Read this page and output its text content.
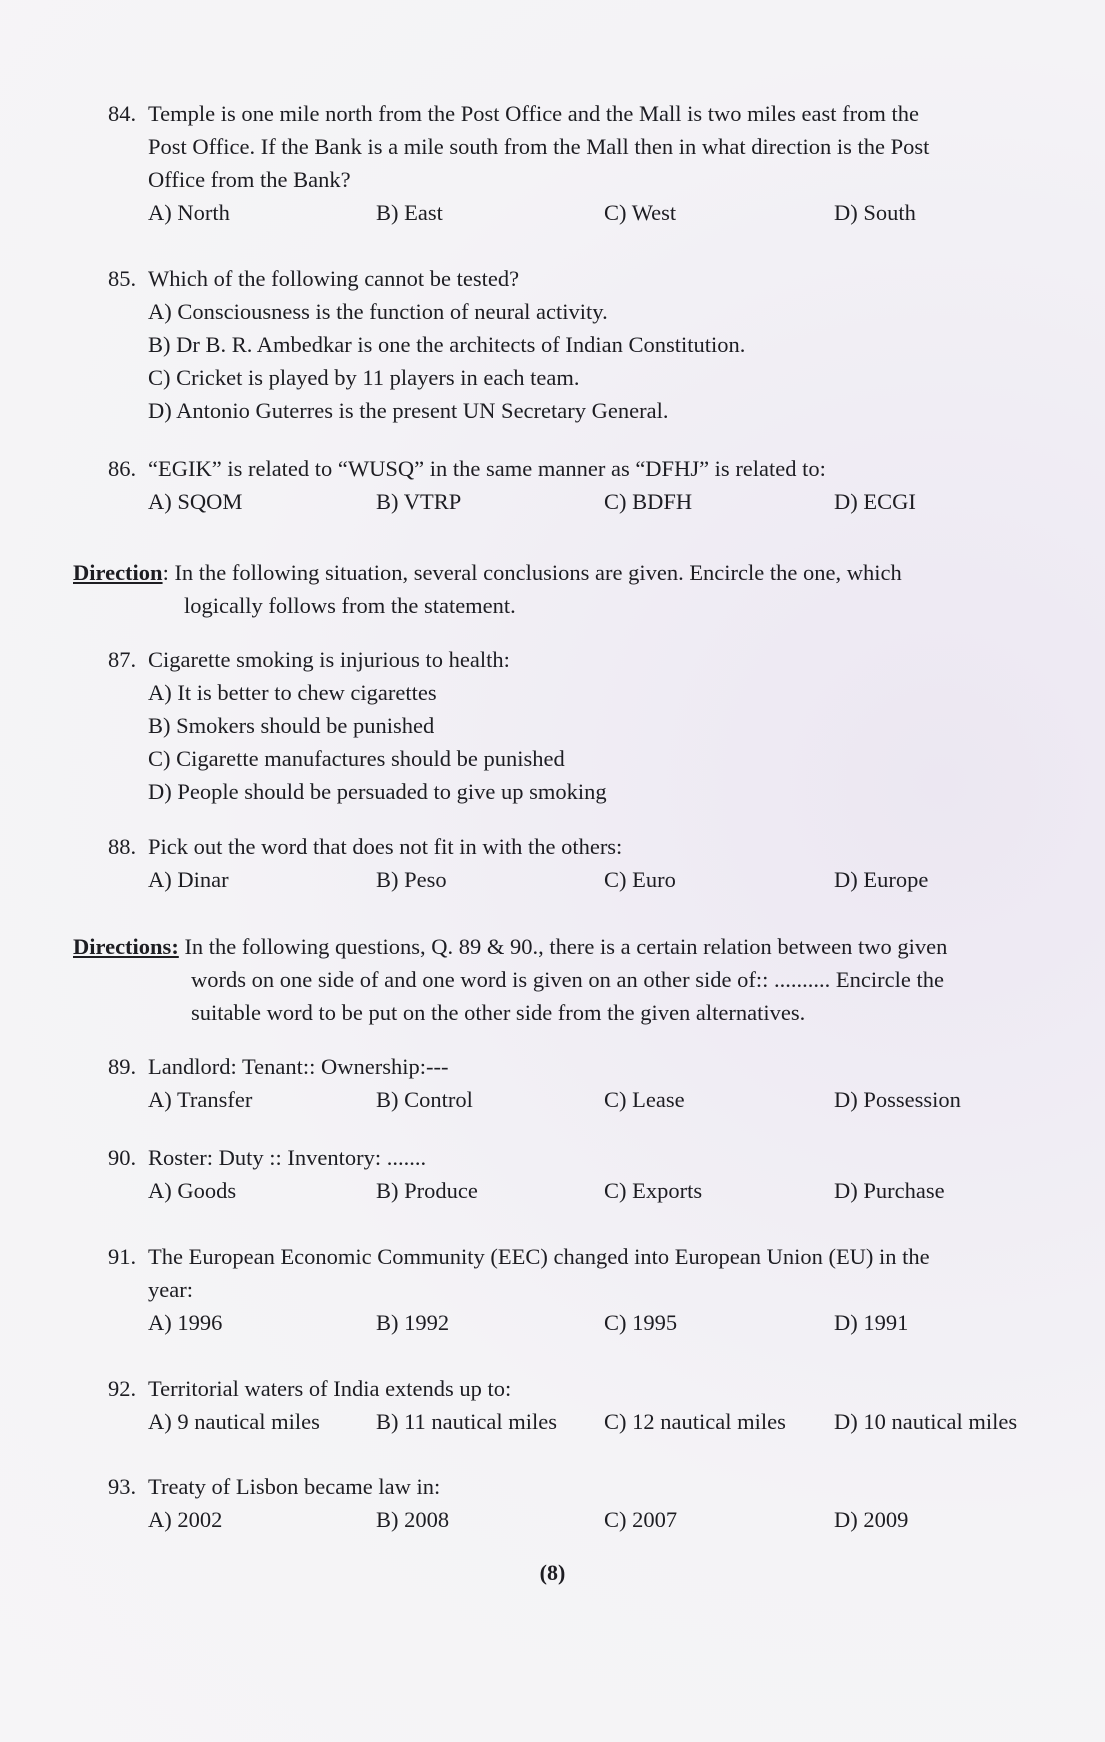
84. Temple is one mile north from the Post Office and the Mall is two miles east from the
Post Office. If the Bank is a mile south from the Mall then in what direction is the Post
Office from the Bank?
A) North	B) East	C) West	D) South
85. Which of the following cannot be tested?
A) Consciousness is the function of neural activity.
B) Dr B. R. Ambedkar is one the architects of Indian Constitution.
C) Cricket is played by 11 players in each team.
D) Antonio Guterres is the present UN Secretary General.
86. “EGIK” is related to “WUSQ” in the same manner as “DFHJ” is related to:
A) SQOM	B) VTRP	C) BDFH	D) ECGI
Direction: In the following situation, several conclusions are given. Encircle the one, which
logically follows from the statement.
87. Cigarette smoking is injurious to health:
A) It is better to chew cigarettes
B) Smokers should be punished
C) Cigarette manufactures should be punished
D) People should be persuaded to give up smoking
88. Pick out the word that does not fit in with the others:
A) Dinar	B) Peso	C) Euro	D) Europe
Directions: In the following questions, Q. 89 & 90., there is a certain relation between two given
words on one side of and one word is given on an other side of:: .......... Encircle the
suitable word to be put on the other side from the given alternatives.
89. Landlord: Tenant:: Ownership:---
A) Transfer	B) Control	C) Lease	D) Possession
90. Roster: Duty :: Inventory: .......
A) Goods	B) Produce	C) Exports	D) Purchase
91. The European Economic Community (EEC) changed into European Union (EU) in the
year:
A) 1996	B) 1992	C) 1995	D) 1991
92. Territorial waters of India extends up to:
A) 9 nautical miles B) 11 nautical miles C) 12 nautical miles D) 10 nautical miles
93. Treaty of Lisbon became law in:
A) 2002	B) 2008	C) 2007	D) 2009
(8)
